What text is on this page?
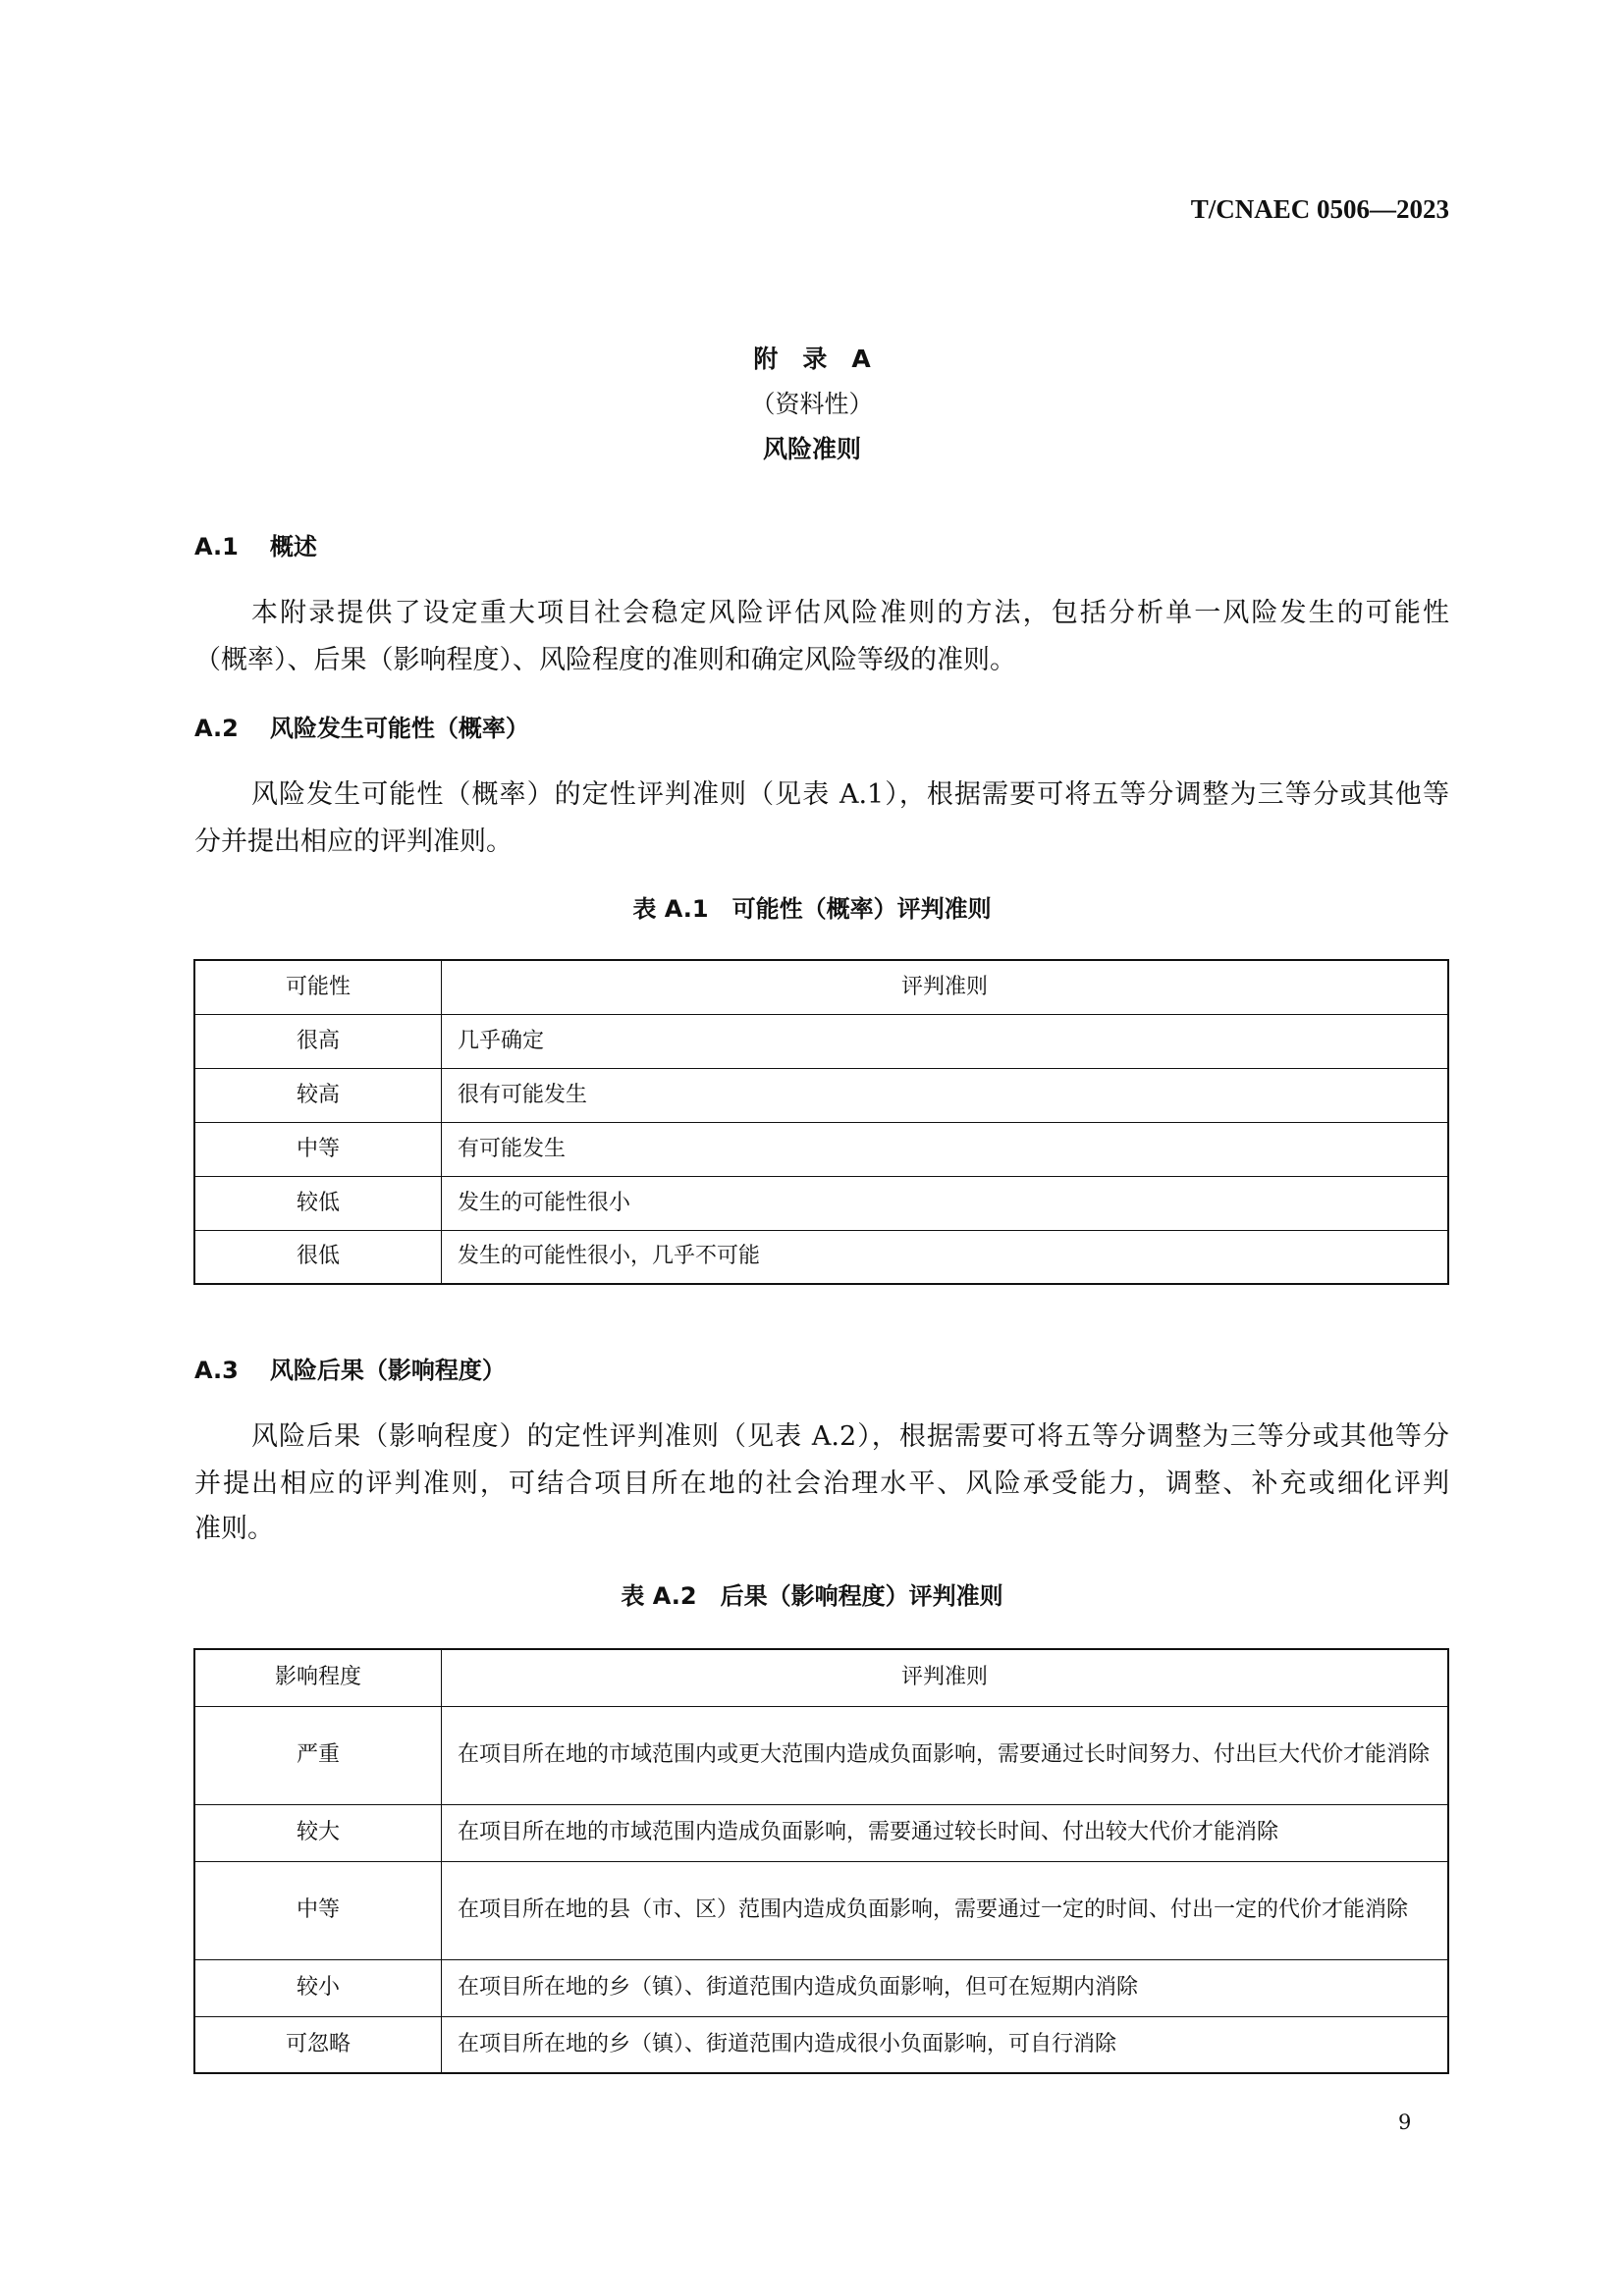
T/CNAEC 0506—2023
附　录　A
（资料性）
风险准则
A.1 概述
本附录提供了设定重大项目社会稳定风险评估风险准则的方法，包括分析单一风险发生的可能性
（概率）、后果（影响程度）、风险程度的准则和确定风险等级的准则。
A.2 风险发生可能性（概率）
风险发生可能性（概率）的定性评判准则（见表 A.1），根据需要可将五等分调整为三等分或其他等
分并提出相应的评判准则。
表 A.1　可能性（概率）评判准则
可能性	评判准则
很高	几乎确定
较高	很有可能发生
中等	有可能发生
较低	发生的可能性很小
很低	发生的可能性很小，几乎不可能
A.3 风险后果（影响程度）
风险后果（影响程度）的定性评判准则（见表 A.2），根据需要可将五等分调整为三等分或其他等分
并提出相应的评判准则，可结合项目所在地的社会治理水平、风险承受能力，调整、补充或细化评判
准则。
表 A.2　后果（影响程度）评判准则
影响程度	评判准则
严重	在项目所在地的市域范围内或更大范围内造成负面影响，需要通过长时间努力、付出巨大代价才能消除
较大	在项目所在地的市域范围内造成负面影响，需要通过较长时间、付出较大代价才能消除
中等	在项目所在地的县（市、区）范围内造成负面影响，需要通过一定的时间、付出一定的代价才能消除
较小	在项目所在地的乡（镇）、街道范围内造成负面影响，但可在短期内消除
可忽略	在项目所在地的乡（镇）、街道范围内造成很小负面影响，可自行消除
9
